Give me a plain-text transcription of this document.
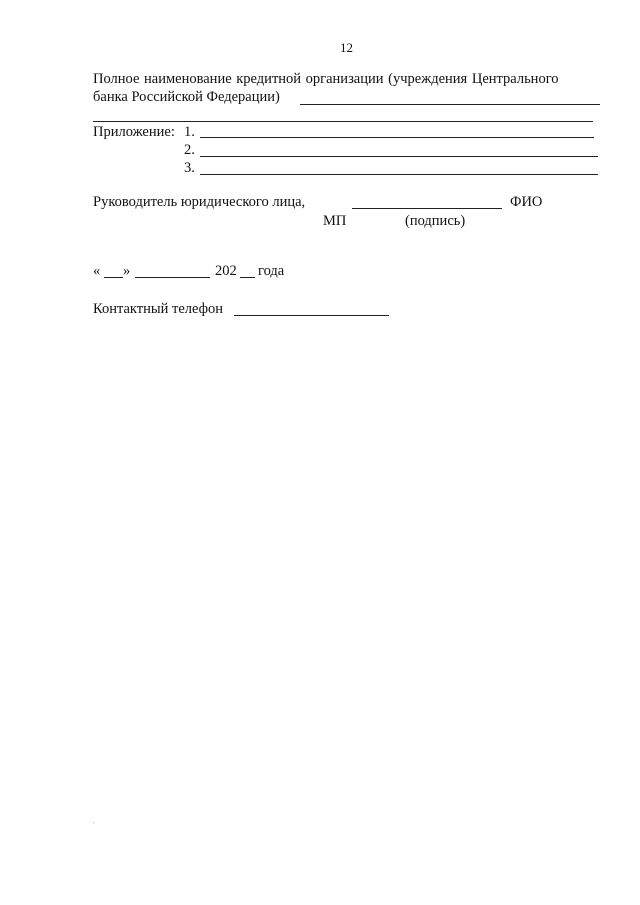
12
Полное наименование кредитной организации (учреждения Центрального
банка Российской Федерации)
Приложение: 1.
2.
3.
Руководитель юридического лица,	ФИО
МП	(подпись)
« »	202 года
Контактный телефон
